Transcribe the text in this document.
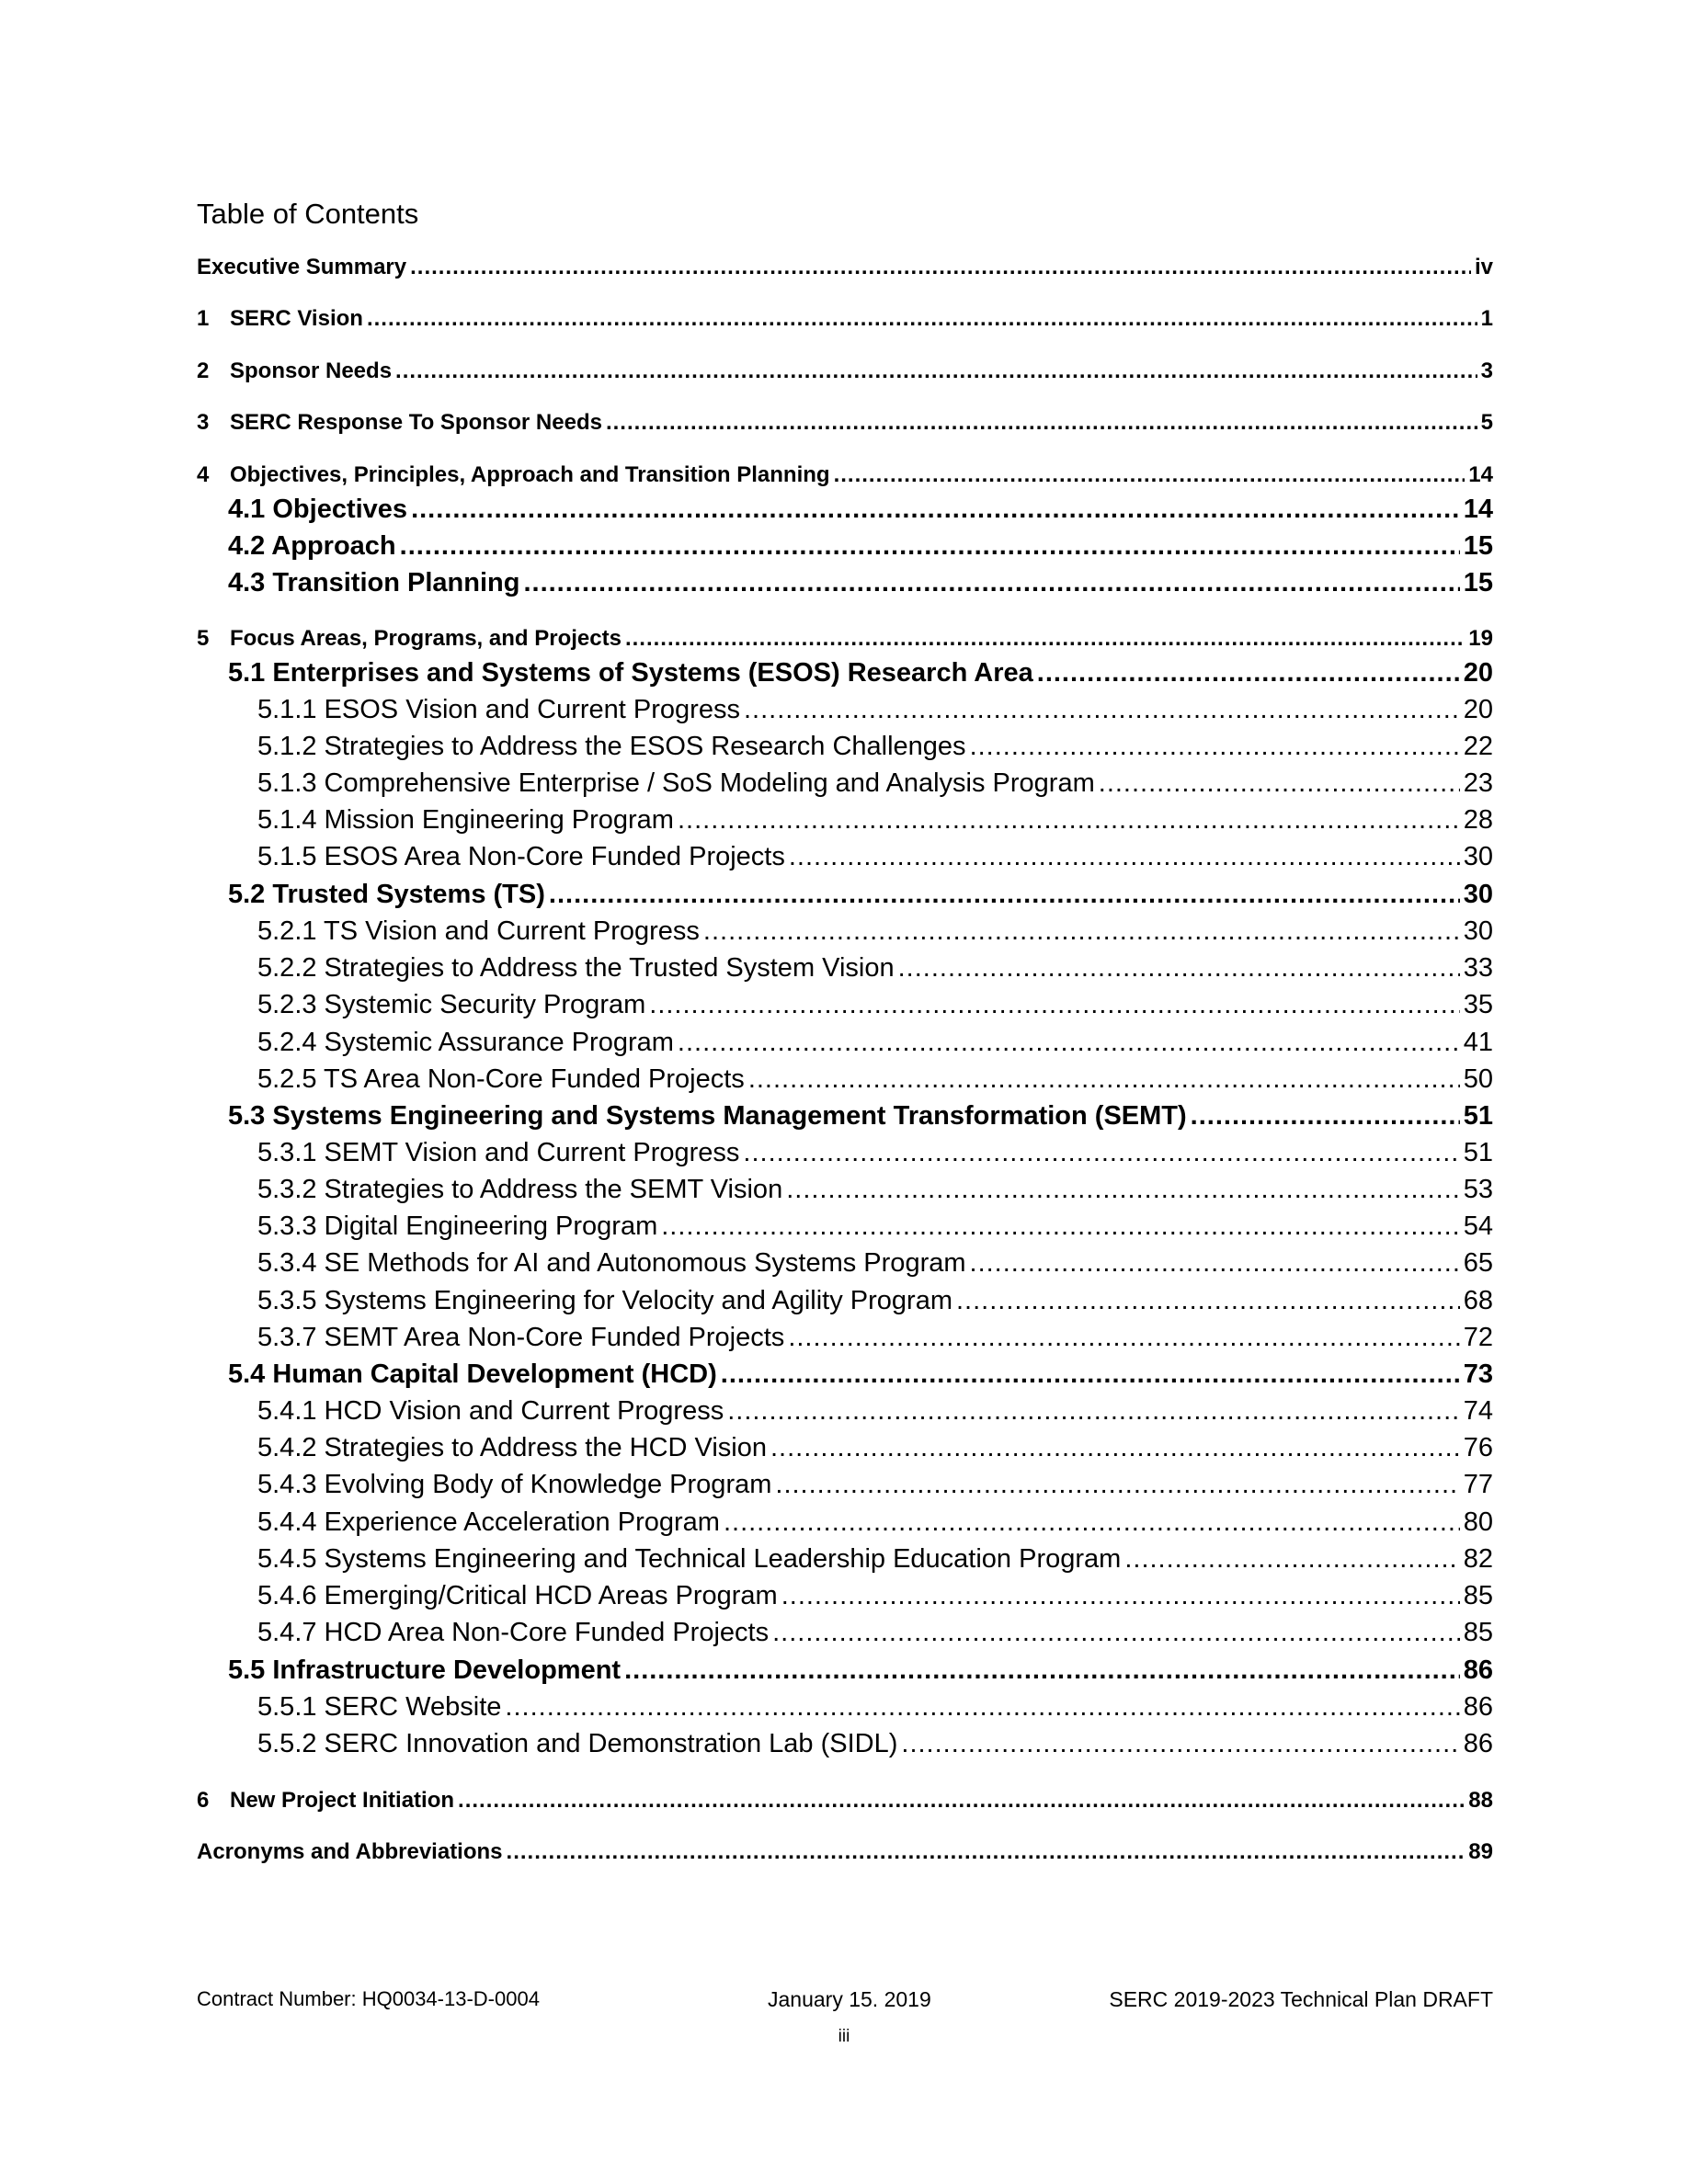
Table of Contents
Executive Summary .....	iv
1 SERC Vision .....	1
2 Sponsor Needs .....	3
3 SERC Response To Sponsor Needs .....	5
4 Objectives, Principles, Approach and Transition Planning .....	14
4.1 Objectives .....	14
4.2 Approach .....	15
4.3 Transition Planning .....	15
5 Focus Areas, Programs, and Projects .....	19
5.1 Enterprises and Systems of Systems (ESOS) Research Area .....	20
5.1.1 ESOS Vision and Current Progress .....	20
5.1.2 Strategies to Address the ESOS Research Challenges .....	22
5.1.3 Comprehensive Enterprise / SoS Modeling and Analysis Program .....	23
5.1.4 Mission Engineering Program .....	28
5.1.5 ESOS Area Non-Core Funded Projects .....	30
5.2 Trusted Systems (TS) .....	30
5.2.1 TS Vision and Current Progress .....	30
5.2.2 Strategies to Address the Trusted System Vision .....	33
5.2.3 Systemic Security Program .....	35
5.2.4 Systemic Assurance Program .....	41
5.2.5 TS Area Non-Core Funded Projects .....	50
5.3 Systems Engineering and Systems Management Transformation (SEMT) .....	51
5.3.1 SEMT Vision and Current Progress .....	51
5.3.2 Strategies to Address the SEMT Vision .....	53
5.3.3 Digital Engineering Program .....	54
5.3.4 SE Methods for AI and Autonomous Systems Program .....	65
5.3.5 Systems Engineering for Velocity and Agility Program .....	68
5.3.7 SEMT Area Non-Core Funded Projects .....	72
5.4 Human Capital Development (HCD) .....	73
5.4.1 HCD Vision and Current Progress .....	74
5.4.2 Strategies to Address the HCD Vision .....	76
5.4.3 Evolving Body of Knowledge Program .....	77
5.4.4 Experience Acceleration Program .....	80
5.4.5 Systems Engineering and Technical Leadership Education Program .....	82
5.4.6 Emerging/Critical HCD Areas Program .....	85
5.4.7 HCD Area Non-Core Funded Projects .....	85
5.5 Infrastructure Development .....	86
5.5.1 SERC Website .....	86
5.5.2 SERC Innovation and Demonstration Lab (SIDL) .....	86
6 New Project Initiation .....	88
Acronyms and Abbreviations .....	89
Contract Number: HQ0034-13-D-0004	January 15. 2019	SERC 2019-2023 Technical Plan DRAFT
iii
